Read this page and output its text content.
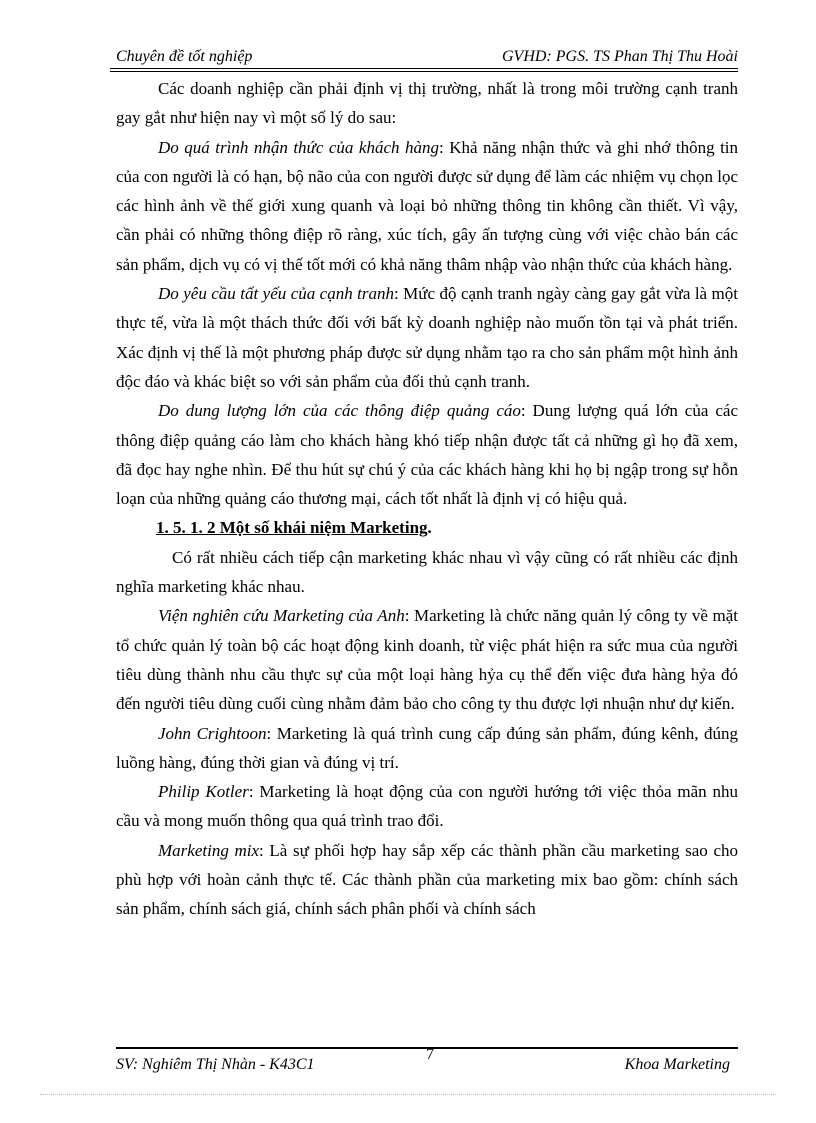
Chuyên đề tốt nghiệp	GVHD: PGS. TS Phan Thị Thu Hoài

Các doanh nghiệp cần phải định vị thị trường, nhất là trong môi trường cạnh tranh gay gắt như hiện nay vì một số lý do sau:

Do quá trình nhận thức của khách hàng: Khả năng nhận thức và ghi nhớ thông tin của con người là có hạn, bộ não của con người được sử dụng để làm các nhiệm vụ chọn lọc các hình ảnh về thế giới xung quanh và loại bỏ những thông tin không cần thiết. Vì vậy, cần phải có những thông điệp rõ ràng, xúc tích, gây ấn tượng cùng với việc chào bán các sản phẩm, dịch vụ có vị thế tốt mới có khả năng thâm nhập vào nhận thức của khách hàng.

Do yêu cầu tất yếu của cạnh tranh: Mức độ cạnh tranh ngày càng gay gắt vừa là một thực tế, vừa là một thách thức đối với bất kỳ doanh nghiệp nào muốn tồn tại và phát triển. Xác định vị thế là một phương pháp được sử dụng nhằm tạo ra cho sản phẩm một hình ảnh độc đáo và khác biệt so với sản phẩm của đối thủ cạnh tranh.

Do dung lượng lớn của các thông điệp quảng cáo: Dung lượng quá lớn của các thông điệp quảng cáo làm cho khách hàng khó tiếp nhận được tất cả những gì họ đã xem, đã đọc hay nghe nhìn. Để thu hút sự chú ý của các khách hàng khi họ bị ngập trong sự hỗn loạn của những quảng cáo thương mại, cách tốt nhất là định vị có hiệu quả.

1. 5. 1. 2 Một số khái niệm Marketing.

Có rất nhiều cách tiếp cận marketing khác nhau vì vậy cũng có rất nhiều các định nghĩa marketing khác nhau.

Viện nghiên cứu Marketing của Anh: Marketing là chức năng quản lý công ty về mặt tổ chức quản lý toàn bộ các hoạt động kinh doanh, từ việc phát hiện ra sức mua của người tiêu dùng thành nhu cầu thực sự của một loại hàng hỷa cụ thể đến việc đưa hàng hỷa đó đến người tiêu dùng cuối cùng nhằm đảm bảo cho công ty thu được lợi nhuận như dự kiến.

John Crightoon: Marketing là quá trình cung cấp đúng sản phẩm, đúng kênh, đúng luồng hàng, đúng thời gian và đúng vị trí.

Philip Kotler: Marketing là hoạt động của con người hướng tới việc thỏa mãn nhu cầu và mong muốn thông qua quá trình trao đổi.

Marketing mix: Là sự phối hợp hay sắp xếp các thành phần cầu marketing sao cho phù hợp với hoàn cảnh thực tế. Các thành phần của marketing mix bao gồm: chính sách sản phẩm, chính sách giá, chính sách phân phối và chính sách

SV: Nghiêm Thị Nhàn - K43C1
7
Khoa Marketing
